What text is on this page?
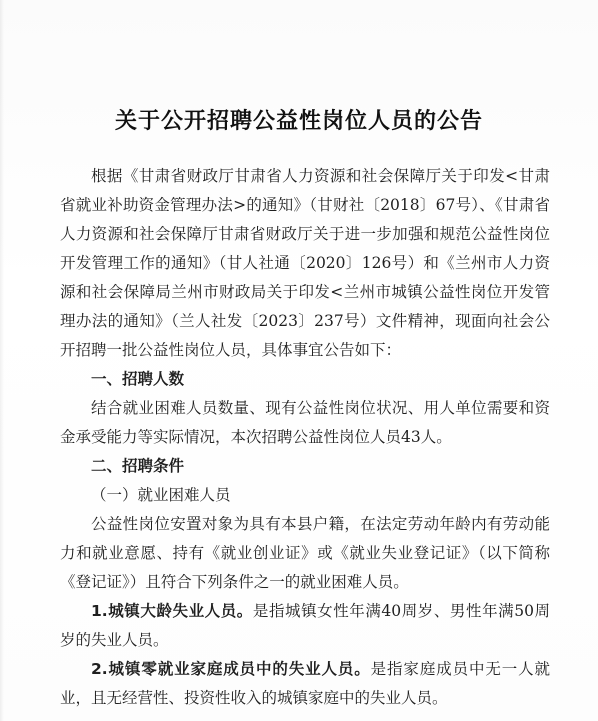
关于公开招聘公益性岗位人员的公告

根据《甘肃省财政厅甘肃省人力资源和社会保障厅关于印发<甘肃省就业补助资金管理办法>的通知》（甘财社〔2018〕67号）、《甘肃省人力资源和社会保障厅甘肃省财政厅关于进一步加强和规范公益性岗位开发管理工作的通知》（甘人社通〔2020〕126号）和《兰州市人力资源和社会保障局兰州市财政局关于印发<兰州市城镇公益性岗位开发管理办法的通知》（兰人社发〔2023〕237号）文件精神，现面向社会公开招聘一批公益性岗位人员，具体事宜公告如下：

一、招聘人数

结合就业困难人员数量、现有公益性岗位状况、用人单位需要和资金承受能力等实际情况，本次招聘公益性岗位人员43人。

二、招聘条件

（一）就业困难人员

公益性岗位安置对象为具有本县户籍，在法定劳动年龄内有劳动能力和就业意愿、持有《就业创业证》或《就业失业登记证》（以下简称《登记证》）且符合下列条件之一的就业困难人员。

1.城镇大龄失业人员。是指城镇女性年满40周岁、男性年满50周岁的失业人员。

2.城镇零就业家庭成员中的失业人员。是指家庭成员中无一人就业，且无经营性、投资性收入的城镇家庭中的失业人员。
